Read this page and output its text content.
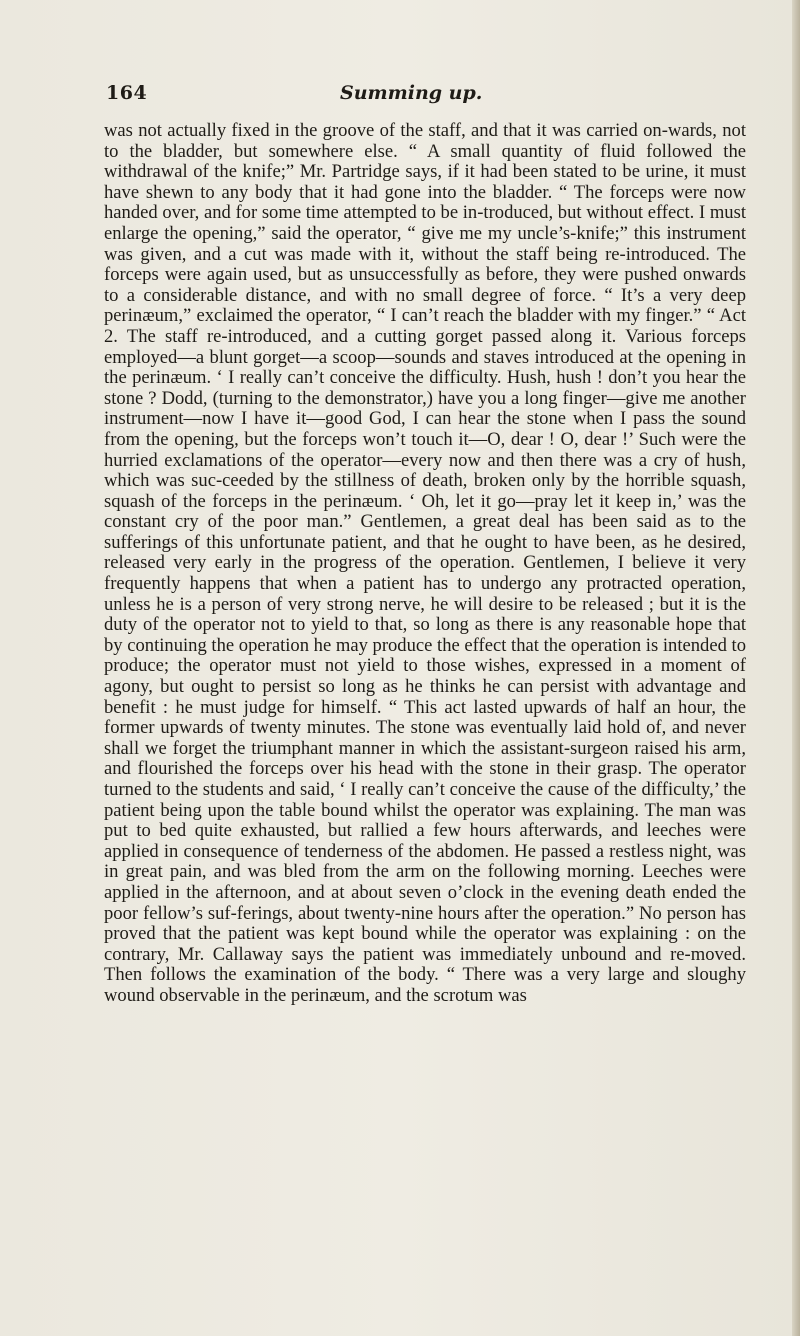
164	Summing up.

was not actually fixed in the groove of the staff, and that it was carried on-wards, not to the bladder, but somewhere else. “ A small quantity of fluid followed the withdrawal of the knife;” Mr. Partridge says, if it had been stated to be urine, it must have shewn to any body that it had gone into the bladder. “ The forceps were now handed over, and for some time attempted to be in-troduced, but without effect. I must enlarge the opening,” said the operator, “ give me my uncle’s-knife;” this instrument was given, and a cut was made with it, without the staff being re-introduced. The forceps were again used, but as unsuccessfully as before, they were pushed onwards to a considerable distance, and with no small degree of force. “ It’s a very deep perinæum,” exclaimed the operator, “ I can’t reach the bladder with my finger.” “ Act 2. The staff re-introduced, and a cutting gorget passed along it. Various forceps employed—a blunt gorget—a scoop—sounds and staves introduced at the opening in the perinæum. ‘ I really can’t conceive the difficulty. Hush, hush ! don’t you hear the stone ? Dodd, (turning to the demonstrator,) have you a long finger—give me another instrument—now I have it—good God, I can hear the stone when I pass the sound from the opening, but the forceps won’t touch it—O, dear ! O, dear !’ Such were the hurried exclamations of the operator—every now and then there was a cry of hush, which was suc-ceeded by the stillness of death, broken only by the horrible squash, squash of the forceps in the perinæum. ‘ Oh, let it go—pray let it keep in,’ was the constant cry of the poor man.” Gentlemen, a great deal has been said as to the sufferings of this unfortunate patient, and that he ought to have been, as he desired, released very early in the progress of the operation. Gentlemen, I believe it very frequently happens that when a patient has to undergo any protracted operation, unless he is a person of very strong nerve, he will desire to be released ; but it is the duty of the operator not to yield to that, so long as there is any reasonable hope that by continuing the operation he may produce the effect that the operation is intended to produce; the operator must not yield to those wishes, expressed in a moment of agony, but ought to persist so long as he thinks he can persist with advantage and benefit : he must judge for himself. “ This act lasted upwards of half an hour, the former upwards of twenty minutes. The stone was eventually laid hold of, and never shall we forget the triumphant manner in which the assistant-surgeon raised his arm, and flourished the forceps over his head with the stone in their grasp. The operator turned to the students and said, ‘ I really can’t conceive the cause of the difficulty,’ the patient being upon the table bound whilst the operator was explaining. The man was put to bed quite exhausted, but rallied a few hours afterwards, and leeches were applied in consequence of tenderness of the abdomen. He passed a restless night, was in great pain, and was bled from the arm on the following morning. Leeches were applied in the afternoon, and at about seven o’clock in the evening death ended the poor fellow’s suf-ferings, about twenty-nine hours after the operation.” No person has proved that the patient was kept bound while the operator was explaining : on the contrary, Mr. Callaway says the patient was immediately unbound and re-moved. Then follows the examination of the body. “ There was a very large and sloughy wound observable in the perinæum, and the scrotum was
